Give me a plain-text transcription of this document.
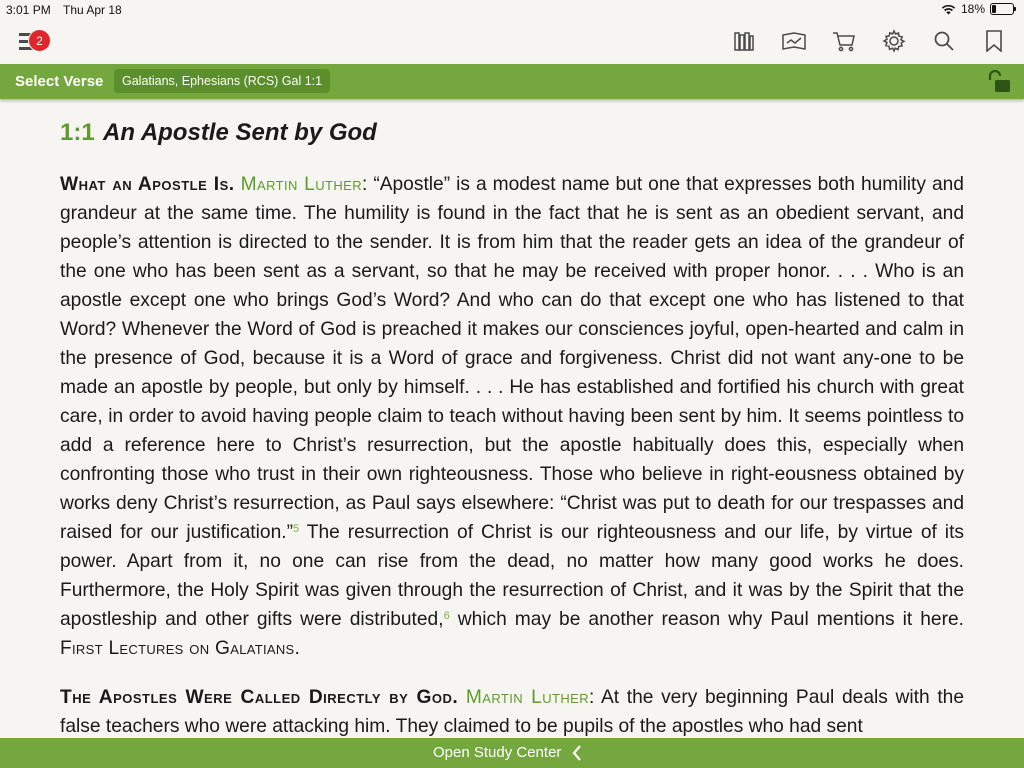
3:01 PM Thu Apr 18	18%
2
Select Verse	Galatians, Ephesians (RCS) Gal 1:1
1:1 An Apostle Sent by God

What an Apostle Is. Martin Luther: “Apostle” is a modest name but one that expresses both humility and grandeur at the same time. The humility is found in the fact that he is sent as an obedient servant, and people’s attention is directed to the sender. It is from him that the reader gets an idea of the grandeur of the one who has been sent as a servant, so that he may be received with proper honor. . . . Who is an apostle except one who brings God’s Word? And who can do that except one who has listened to that Word? Whenever the Word of God is preached it makes our consciences joyful, open-hearted and calm in the presence of God, because it is a Word of grace and forgiveness. Christ did not want any-one to be made an apostle by people, but only by himself. . . . He has established and fortified his church with great care, in order to avoid having people claim to teach without having been sent by him. It seems pointless to add a reference here to Christ’s resurrection, but the apostle habitually does this, especially when confronting those who trust in their own righteousness. Those who believe in right-eousness obtained by works deny Christ’s resurrection, as Paul says elsewhere: “Christ was put to death for our trespasses and raised for our justification.”$^5$ The resurrection of Christ is our righteousness and our life, by virtue of its power. Apart from it, no one can rise from the dead, no matter how many good works he does. Furthermore, the Holy Spirit was given through the resurrection of Christ, and it was by the Spirit that the apostleship and other gifts were distributed,$^6$ which may be another reason why Paul mentions it here. First Lectures on Galatians.

The Apostles Were Called Directly by God. Martin Luther: At the very beginning Paul deals with the false teachers who were attacking him. They claimed to be pupils of the apostles who had sent

Open Study Center
